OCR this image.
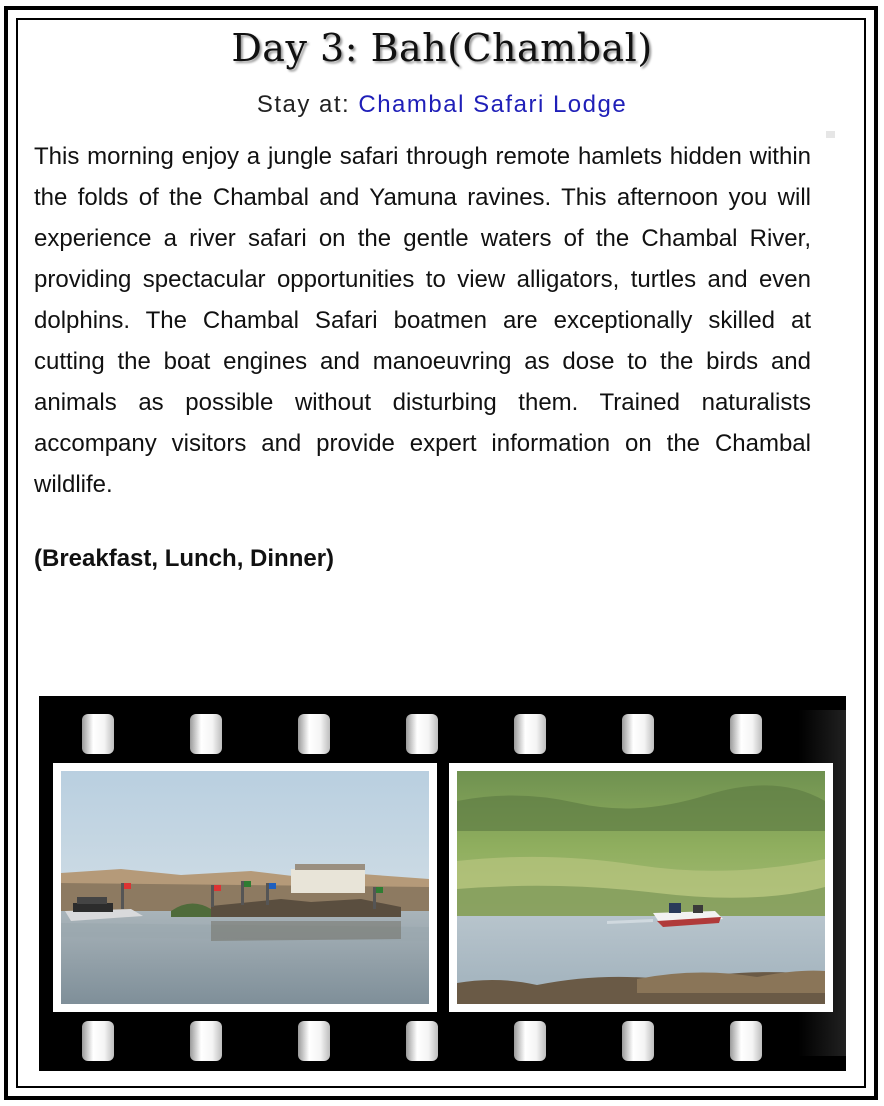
Day 3: Bah(Chambal)
Stay at: Chambal Safari Lodge
This morning enjoy a jungle safari through remote hamlets hidden within the folds of the Chambal and Yamuna ravines. This afternoon you will experience a river safari on the gentle waters of the Chambal River, providing spectacular opportunities to view alligators, turtles and even dolphins. The Chambal Safari boatmen are exceptionally skilled at cutting the boat engines and manoeuvring as dose to the birds and animals as possible without disturbing them. Trained naturalists accompany visitors and provide expert information on the Chambal wildlife.
(Breakfast, Lunch, Dinner)
